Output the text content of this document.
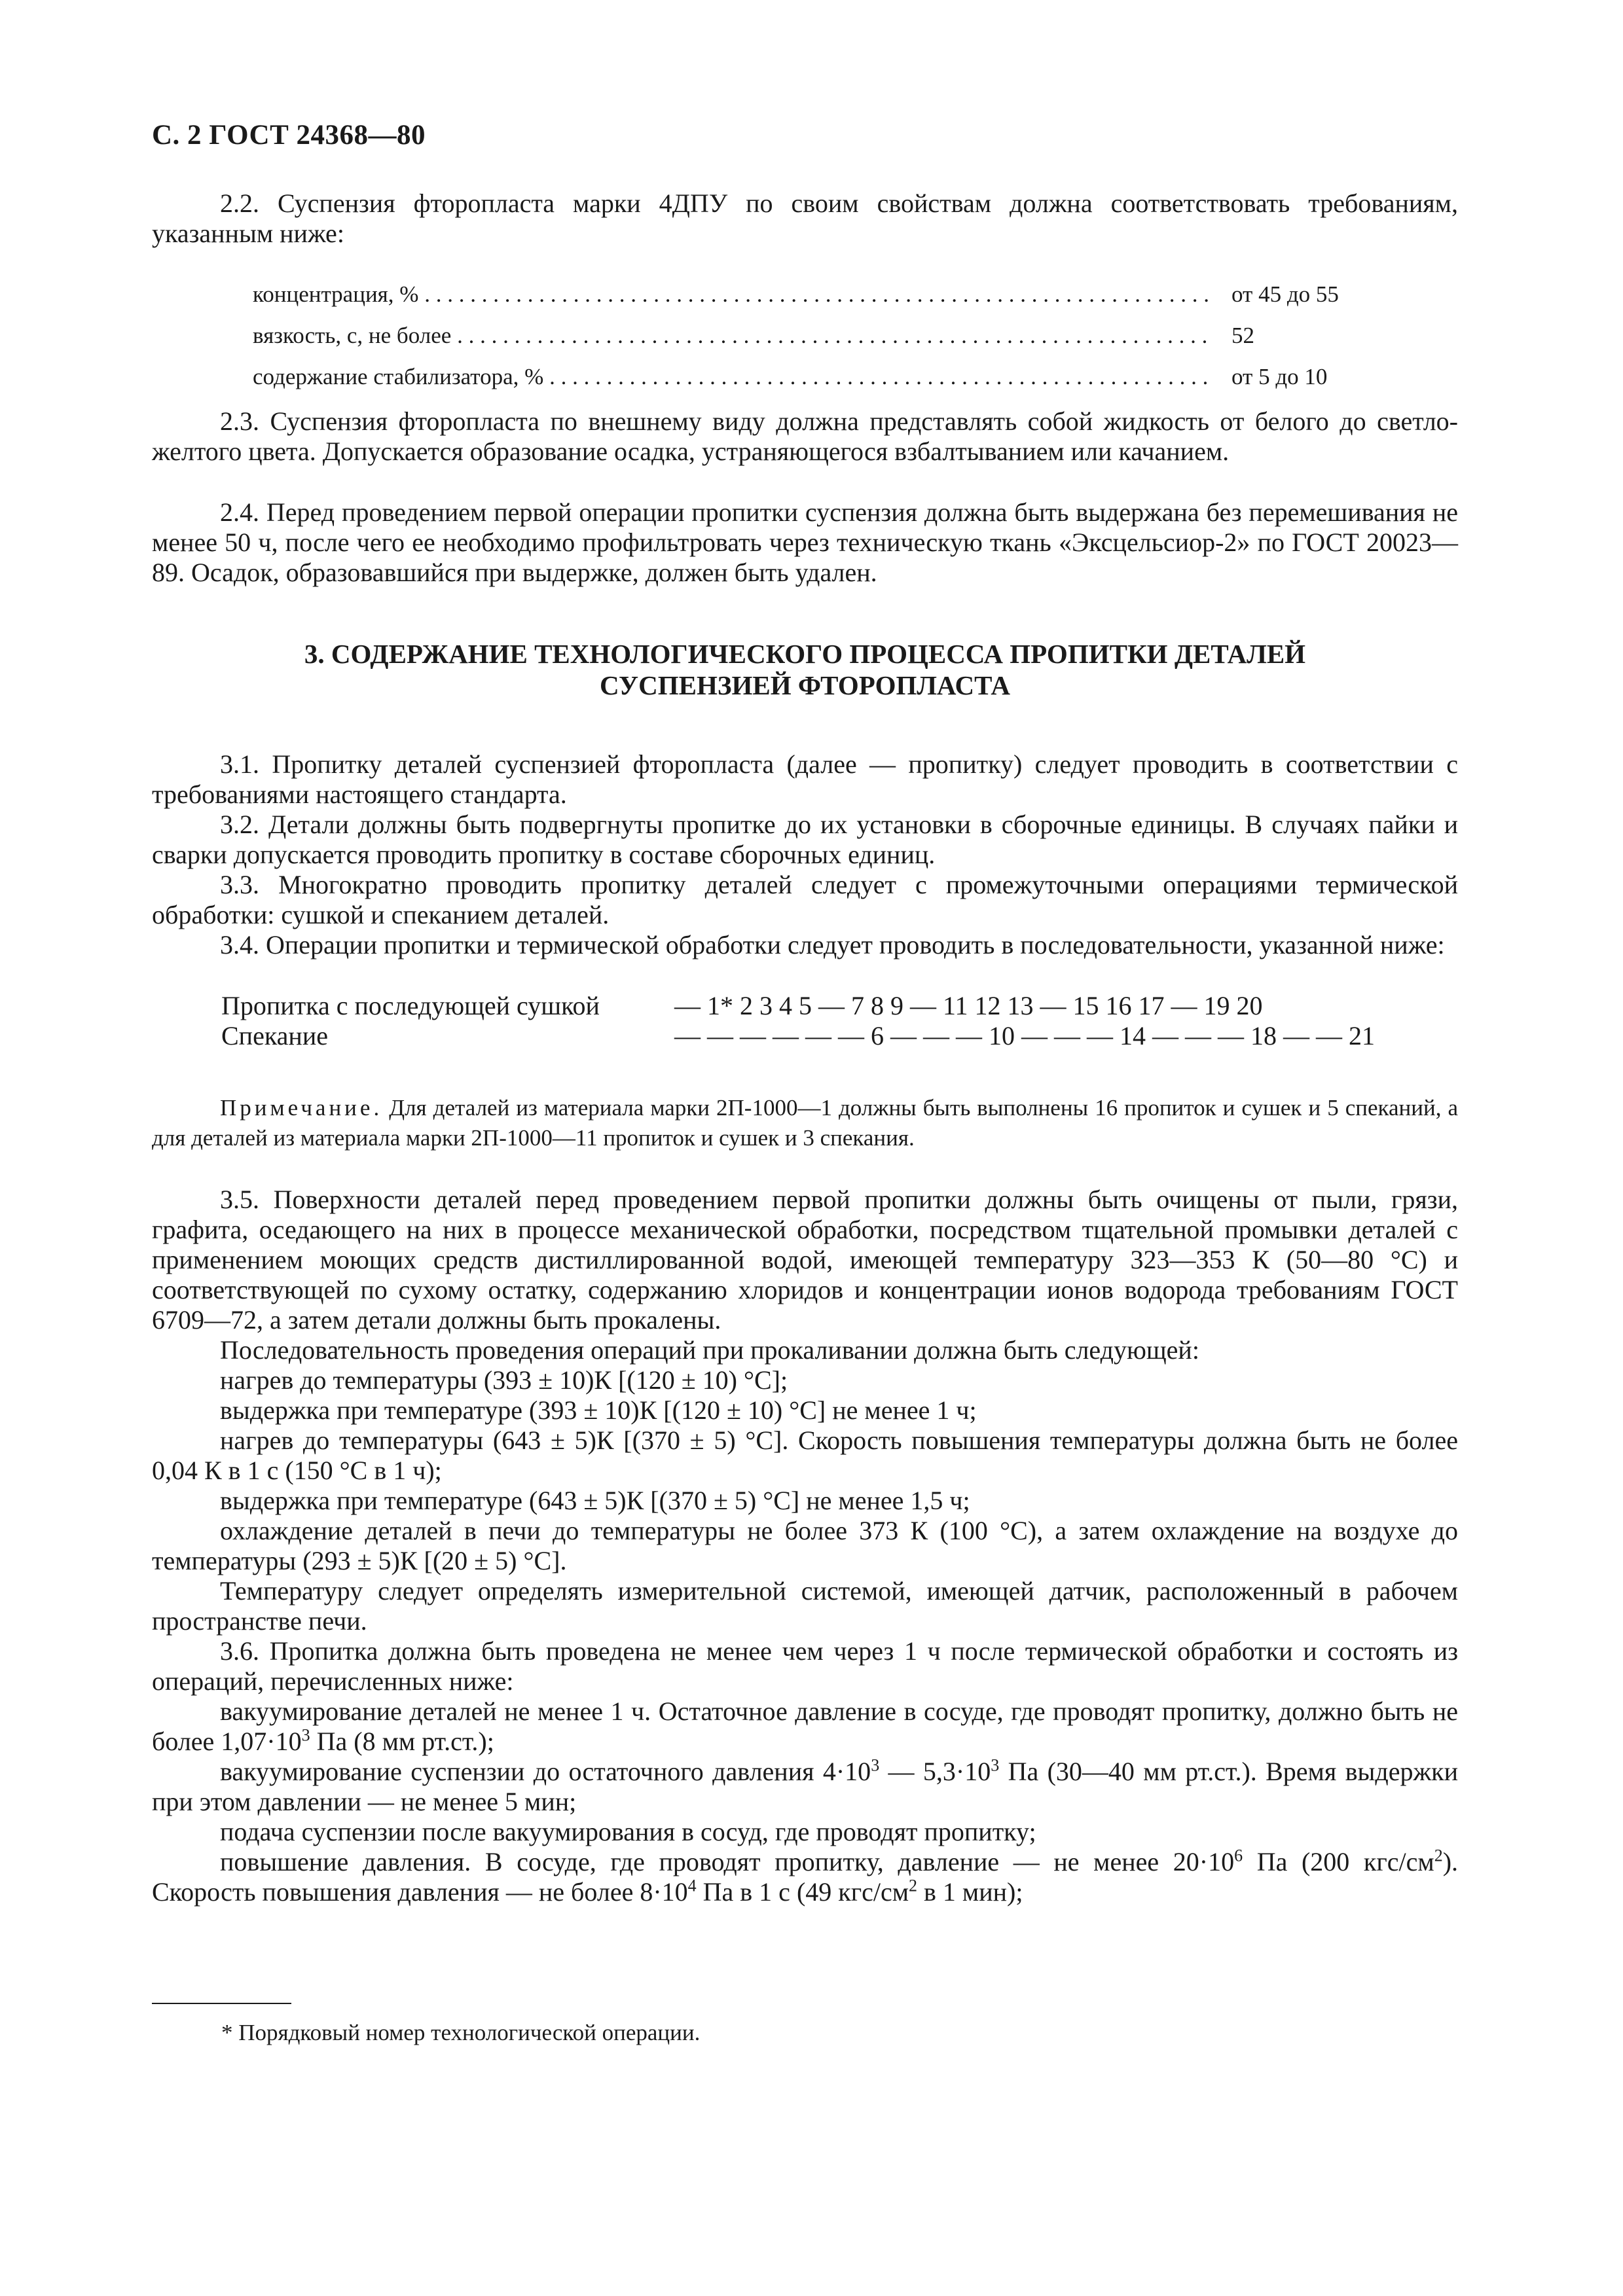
С. 2 ГОСТ 24368—80
2.2. Суспензия фторопласта марки 4ДПУ по своим свойствам должна соответствовать требованиям, указанным ниже:
концентрация, % . . .	от 45 до 55
вязкость, с, не более . . .	52
содержание стабилизатора, % . . .	от 5 до 10
2.3. Суспензия фторопласта по внешнему виду должна представлять собой жидкость от белого до светло-желтого цвета. Допускается образование осадка, устраняющегося взбалтыванием или качанием.
2.4. Перед проведением первой операции пропитки суспензия должна быть выдержана без перемешивания не менее 50 ч, после чего ее необходимо профильтровать через техническую ткань «Эксцельсиор-2» по ГОСТ 20023—89. Осадок, образовавшийся при выдержке, должен быть удален.
3. СОДЕРЖАНИЕ ТЕХНОЛОГИЧЕСКОГО ПРОЦЕССА ПРОПИТКИ ДЕТАЛЕЙ
СУСПЕНЗИЕЙ ФТОРОПЛАСТА
3.1. Пропитку деталей суспензией фторопласта (далее — пропитку) следует проводить в соответствии с требованиями настоящего стандарта.
3.2. Детали должны быть подвергнуты пропитке до их установки в сборочные единицы. В случаях пайки и сварки допускается проводить пропитку в составе сборочных единиц.
3.3. Многократно проводить пропитку деталей следует с промежуточными операциями термической обработки: сушкой и спеканием деталей.
3.4. Операции пропитки и термической обработки следует проводить в последовательности, указанной ниже:
Пропитка с последующей сушкой	— 1* 2 3 4 5 — 7 8 9 — 11 12 13 — 15 16 17 — 19 20
Спекание	— — — — — — 6 — — — 10 — — — 14 — — — 18 — — 21
Примечание. Для деталей из материала марки 2П-1000—1 должны быть выполнены 16 пропиток и сушек и 5 спеканий, а для деталей из материала марки 2П-1000—11 пропиток и сушек и 3 спекания.
3.5. Поверхности деталей перед проведением первой пропитки должны быть очищены от пыли, грязи, графита, оседающего на них в процессе механической обработки, посредством тщательной промывки деталей с применением моющих средств дистиллированной водой, имеющей температуру 323—353 К (50—80 °С) и соответствующей по сухому остатку, содержанию хлоридов и концентрации ионов водорода требованиям ГОСТ 6709—72, а затем детали должны быть прокалены.
Последовательность проведения операций при прокаливании должна быть следующей:
нагрев до температуры (393 ± 10)К [(120 ± 10) °С];
выдержка при температуре (393 ± 10)К [(120 ± 10) °С] не менее 1 ч;
нагрев до температуры (643 ± 5)К [(370 ± 5) °С]. Скорость повышения температуры должна быть не более 0,04 К в 1 с (150 °С в 1 ч);
выдержка при температуре (643 ± 5)К [(370 ± 5) °С] не менее 1,5 ч;
охлаждение деталей в печи до температуры не более 373 К (100 °С), а затем охлаждение на воздухе до температуры (293 ± 5)К [(20 ± 5) °С].
Температуру следует определять измерительной системой, имеющей датчик, расположенный в рабочем пространстве печи.
3.6. Пропитка должна быть проведена не менее чем через 1 ч после термической обработки и состоять из операций, перечисленных ниже:
вакуумирование деталей не менее 1 ч. Остаточное давление в сосуде, где проводят пропитку, должно быть не более $1,07\cdot 10^3$ Па (8 мм рт.ст.);
вакуумирование суспензии до остаточного давления $4\cdot 10^3$ — $5,3\cdot 10^3$ Па (30—40 мм рт.ст.). Время выдержки при этом давлении — не менее 5 мин;
подача суспензии после вакуумирования в сосуд, где проводят пропитку;
повышение давления. В сосуде, где проводят пропитку, давление — не менее $20\cdot 10^6$ Па (200 кгс/$см^2$). Скорость повышения давления — не более $8\cdot 10^4$ Па в 1 с (49 кгс/$см^2$ в 1 мин);
* Порядковый номер технологической операции.
